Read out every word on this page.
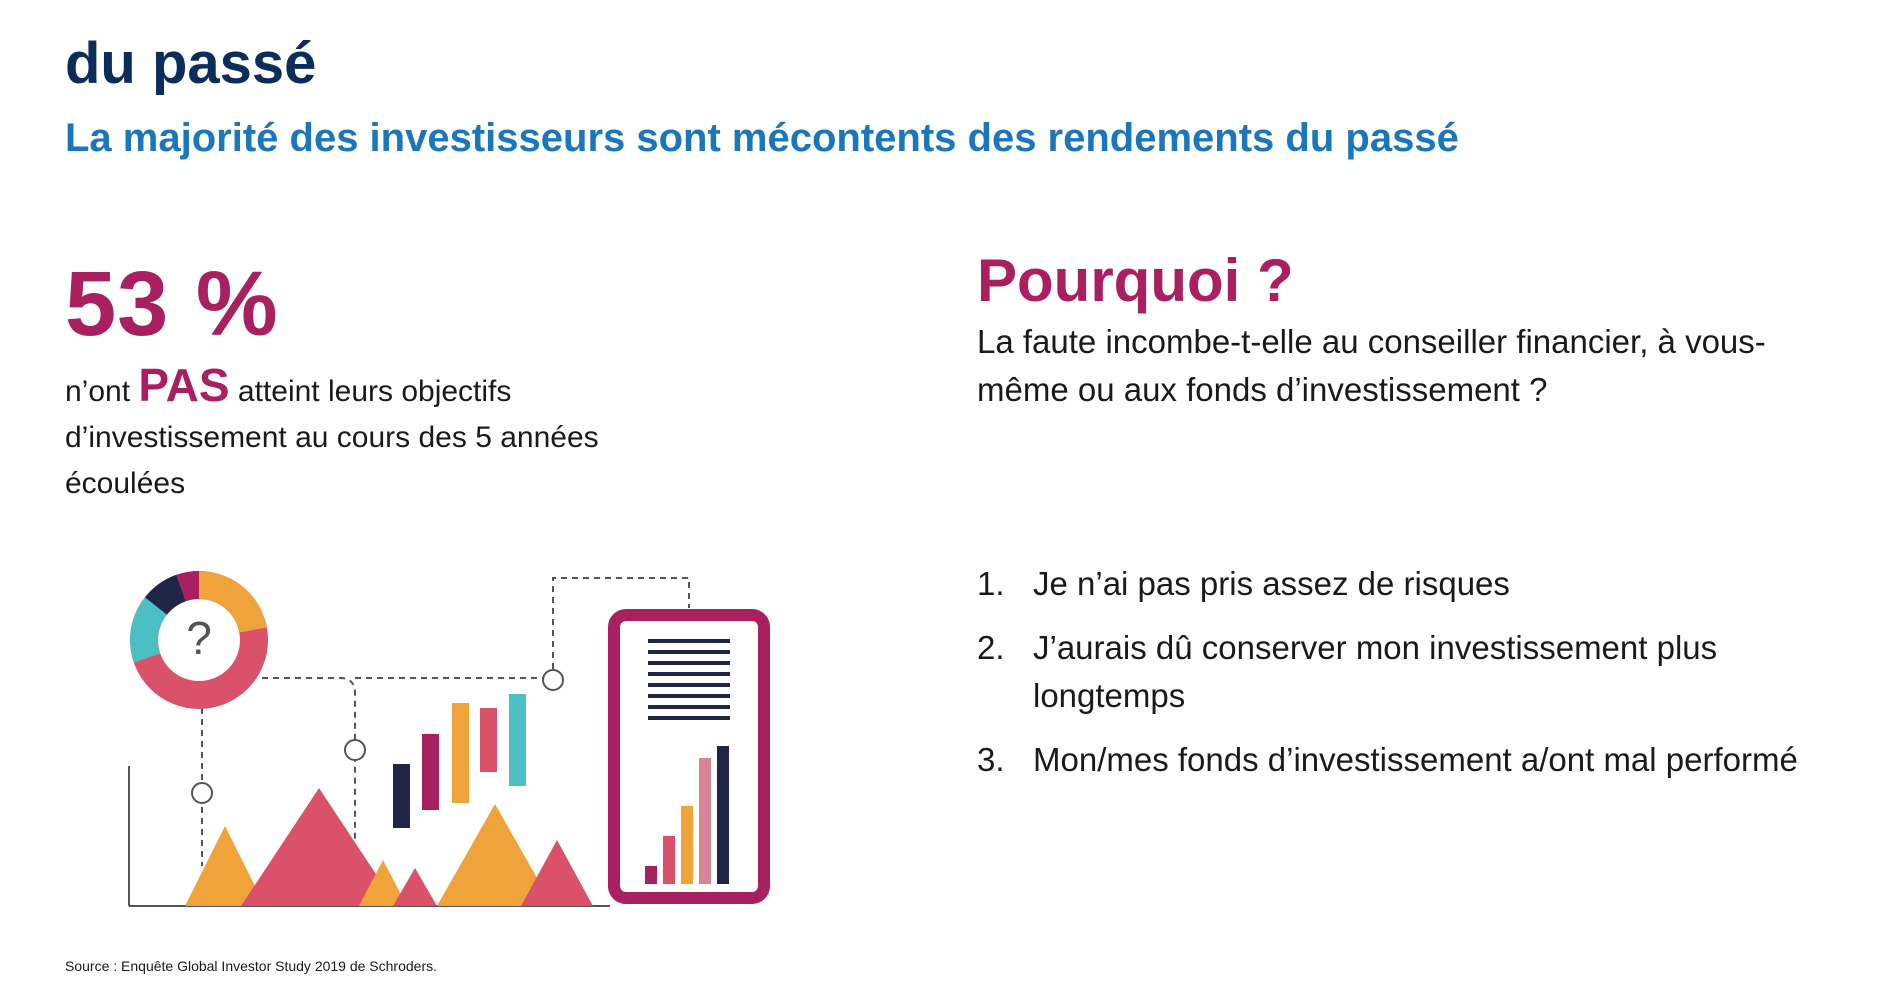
du passé
La majorité des investisseurs sont mécontents des rendements du passé
53 %

n’ont PAS atteint leurs objectifs d’investissement au cours des 5 années écoulées

Pourquoi ?

La faute incombe-t-elle au conseiller financier, à vous-même ou aux fonds d’investissement ?

1. Je n’ai pas pris assez de risques
2. J’aurais dû conserver mon investissement plus longtemps
3. Mon/mes fonds d’investissement a/ont mal performé
?

Source : Enquête Global Investor Study 2019 de Schroders.
